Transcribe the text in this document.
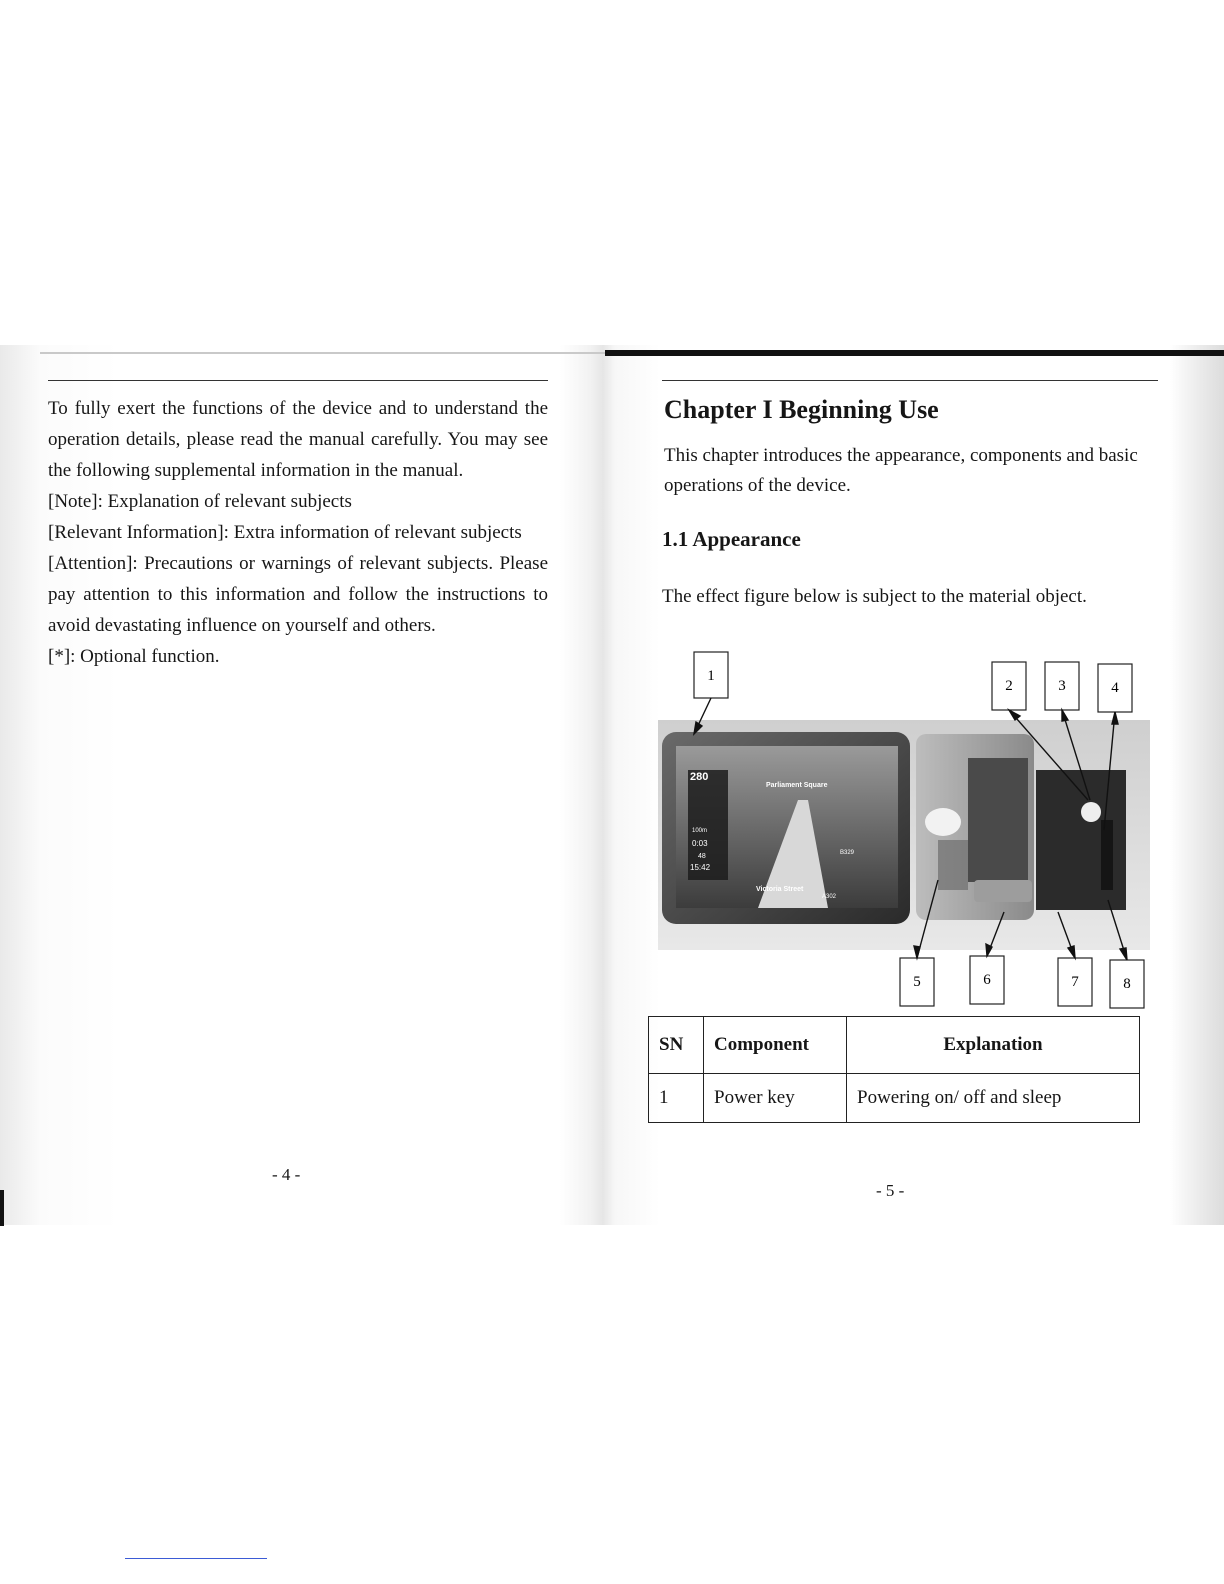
To fully exert the functions of the device and to understand the operation details, please read the manual carefully. You may see the following supplemental information in the manual.

[Note]: Explanation of relevant subjects

[Relevant Information]: Extra information of relevant subjects

[Attention]: Precautions or warnings of relevant subjects. Please pay attention to this information and follow the instructions to avoid devastating influence on yourself and others.

[*]: Optional function.

- 4 -
Chapter I Beginning Use
This chapter introduces the appearance, components and basic operations of the device.
1.1 Appearance
The effect figure below is subject to the material object.
280
100m
0:03
48
15:42
Parliament Square
B329
Victoria Street
A302
1
2	3	4
5	6	7	8
SN	Component	Explanation
1	Power key	Powering on/ off and sleep
- 5 -
